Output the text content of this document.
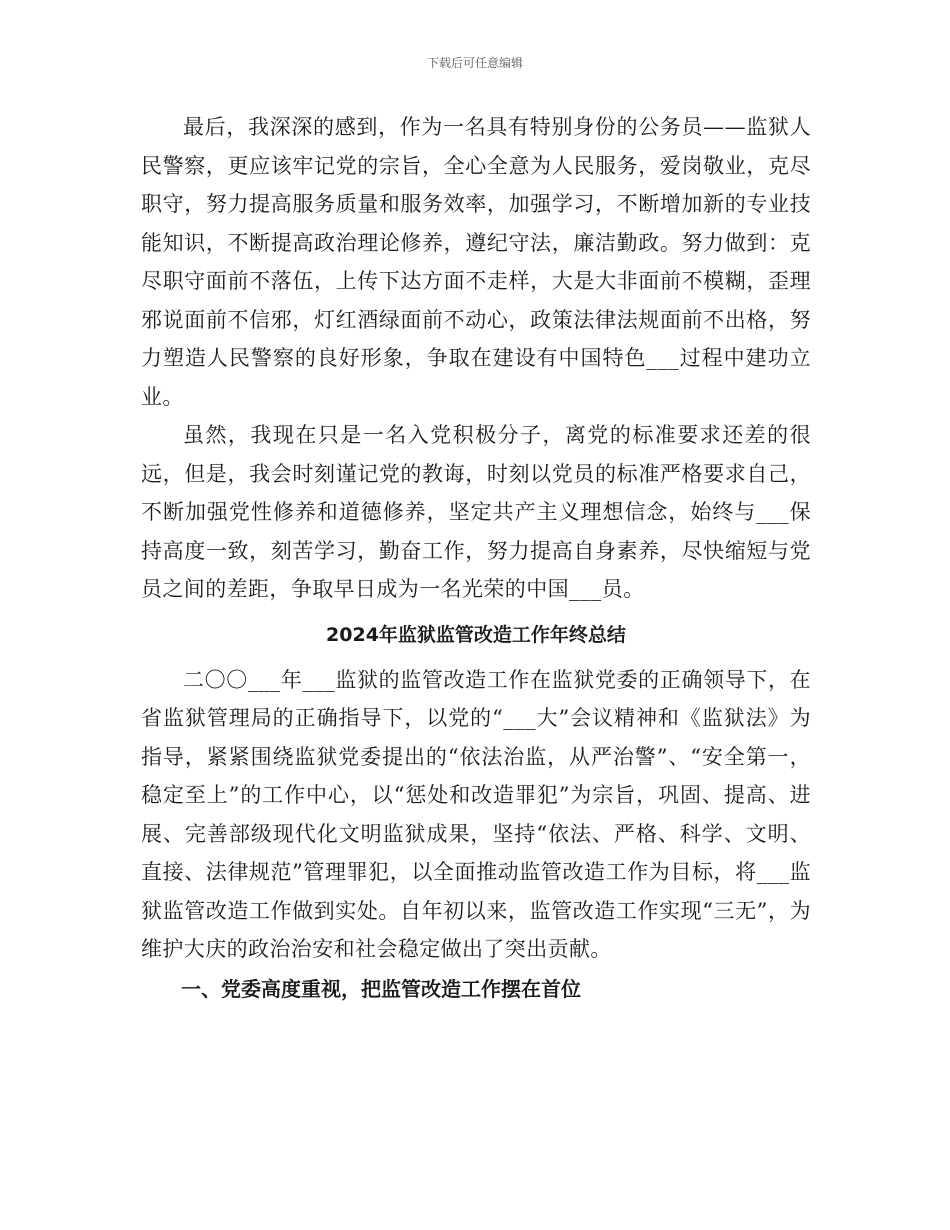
下载后可任意编辑

最后，我深深的感到，作为一名具有特别身份的公务员——监狱人民警察，更应该牢记党的宗旨，全心全意为人民服务，爱岗敬业，克尽职守，努力提高服务质量和服务效率，加强学习，不断增加新的专业技能知识，不断提高政治理论修养，遵纪守法，廉洁勤政。努力做到：克尽职守面前不落伍，上传下达方面不走样，大是大非面前不模糊，歪理邪说面前不信邪，灯红酒绿面前不动心，政策法律法规面前不出格，努力塑造人民警察的良好形象，争取在建设有中国特色___过程中建功立业。

虽然，我现在只是一名入党积极分子，离党的标准要求还差的很远，但是，我会时刻谨记党的教诲，时刻以党员的标准严格要求自己，不断加强党性修养和道德修养，坚定共产主义理想信念，始终与___保持高度一致，刻苦学习，勤奋工作，努力提高自身素养，尽快缩短与党员之间的差距，争取早日成为一名光荣的中国___员。

2024年监狱监管改造工作年终总结

二〇〇___年___监狱的监管改造工作在监狱党委的正确领导下，在省监狱管理局的正确指导下，以党的“___大”会议精神和《监狱法》为指导，紧紧围绕监狱党委提出的“依法治监，从严治警”、“安全第一，稳定至上”的工作中心，以“惩处和改造罪犯”为宗旨，巩固、提高、进展、完善部级现代化文明监狱成果，坚持“依法、严格、科学、文明、直接、法律规范”管理罪犯，以全面推动监管改造工作为目标，将___监狱监管改造工作做到实处。自年初以来，监管改造工作实现“三无”，为维护大庆的政治治安和社会稳定做出了突出贡献。

一、党委高度重视，把监管改造工作摆在首位
